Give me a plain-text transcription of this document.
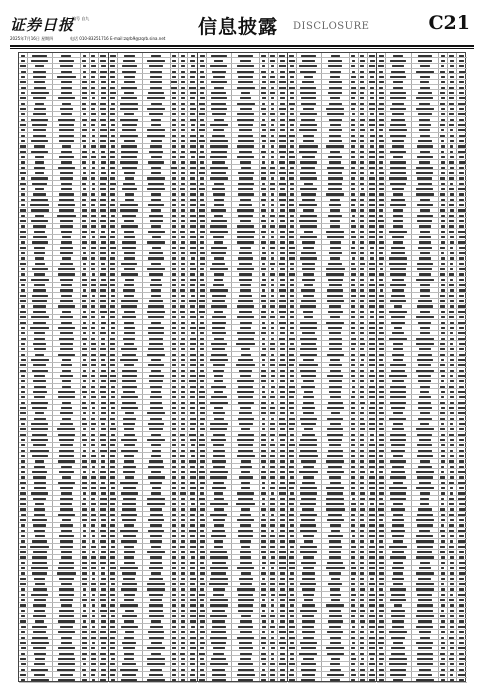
证券日报
编号 自九
2025年7月16日 星期四	电话 010-83251716 E-mail:zqrb9@zqrb.sina.net
信息披露 DISCLOSURE	C21
